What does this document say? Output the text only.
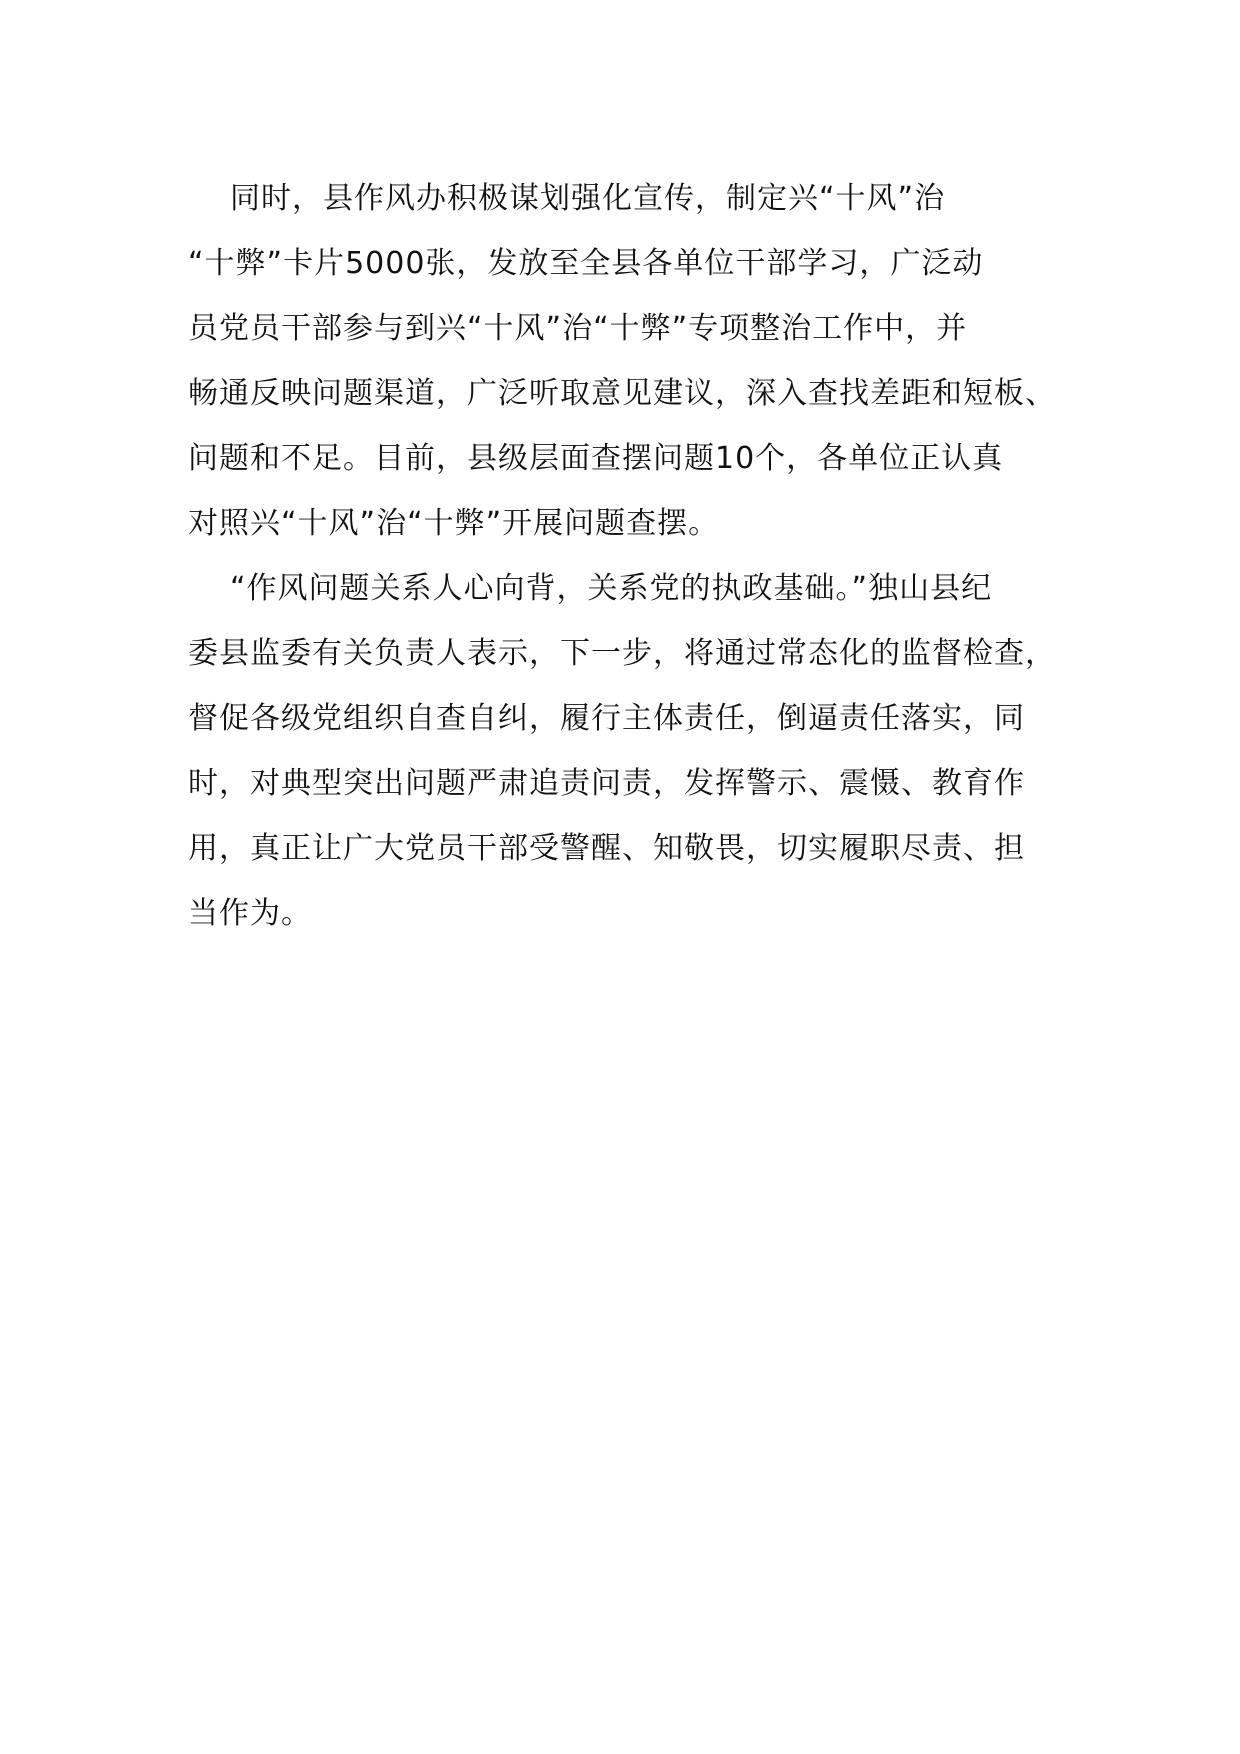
同时，县作风办积极谋划强化宣传，制定兴“十风”治
“十弊”卡片5000张，发放至全县各单位干部学习，广泛动
员党员干部参与到兴“十风”治“十弊”专项整治工作中，并
畅通反映问题渠道，广泛听取意见建议，深入查找差距和短板、
问题和不足。目前，县级层面查摆问题10个，各单位正认真
对照兴“十风”治“十弊”开展问题查摆。
“作风问题关系人心向背，关系党的执政基础。”独山县纪
委县监委有关负责人表示，下一步，将通过常态化的监督检查，
督促各级党组织自查自纠，履行主体责任，倒逼责任落实，同
时，对典型突出问题严肃追责问责，发挥警示、震慑、教育作
用，真正让广大党员干部受警醒、知敬畏，切实履职尽责、担
当作为。
